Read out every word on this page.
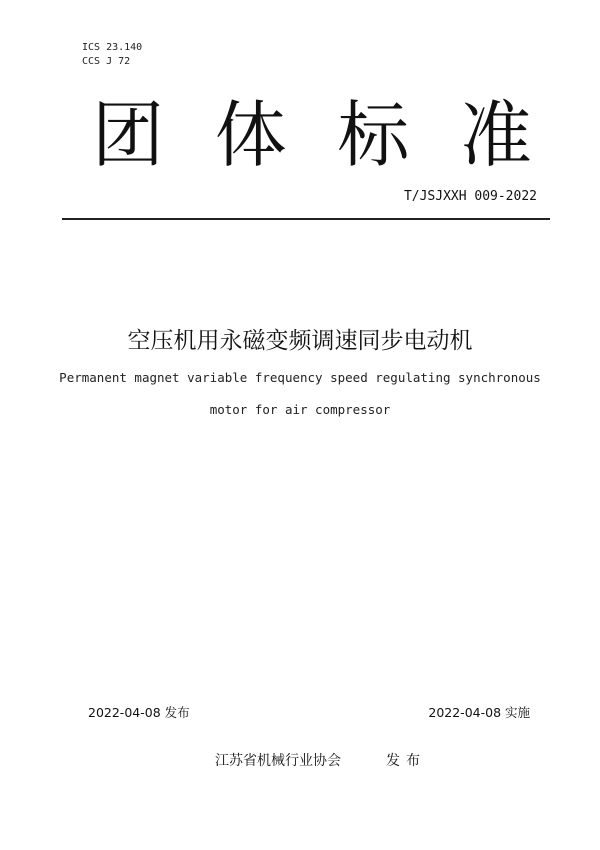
ICS 23.140
CCS J 72
团 体 标 准
T/JSJXXH 009-2022
空压机用永磁变频调速同步电动机
Permanent magnet variable frequency speed regulating synchronous
motor for air compressor
2022-04-08 发布	2022-04-08 实施
江苏省机械行业协会	发布
